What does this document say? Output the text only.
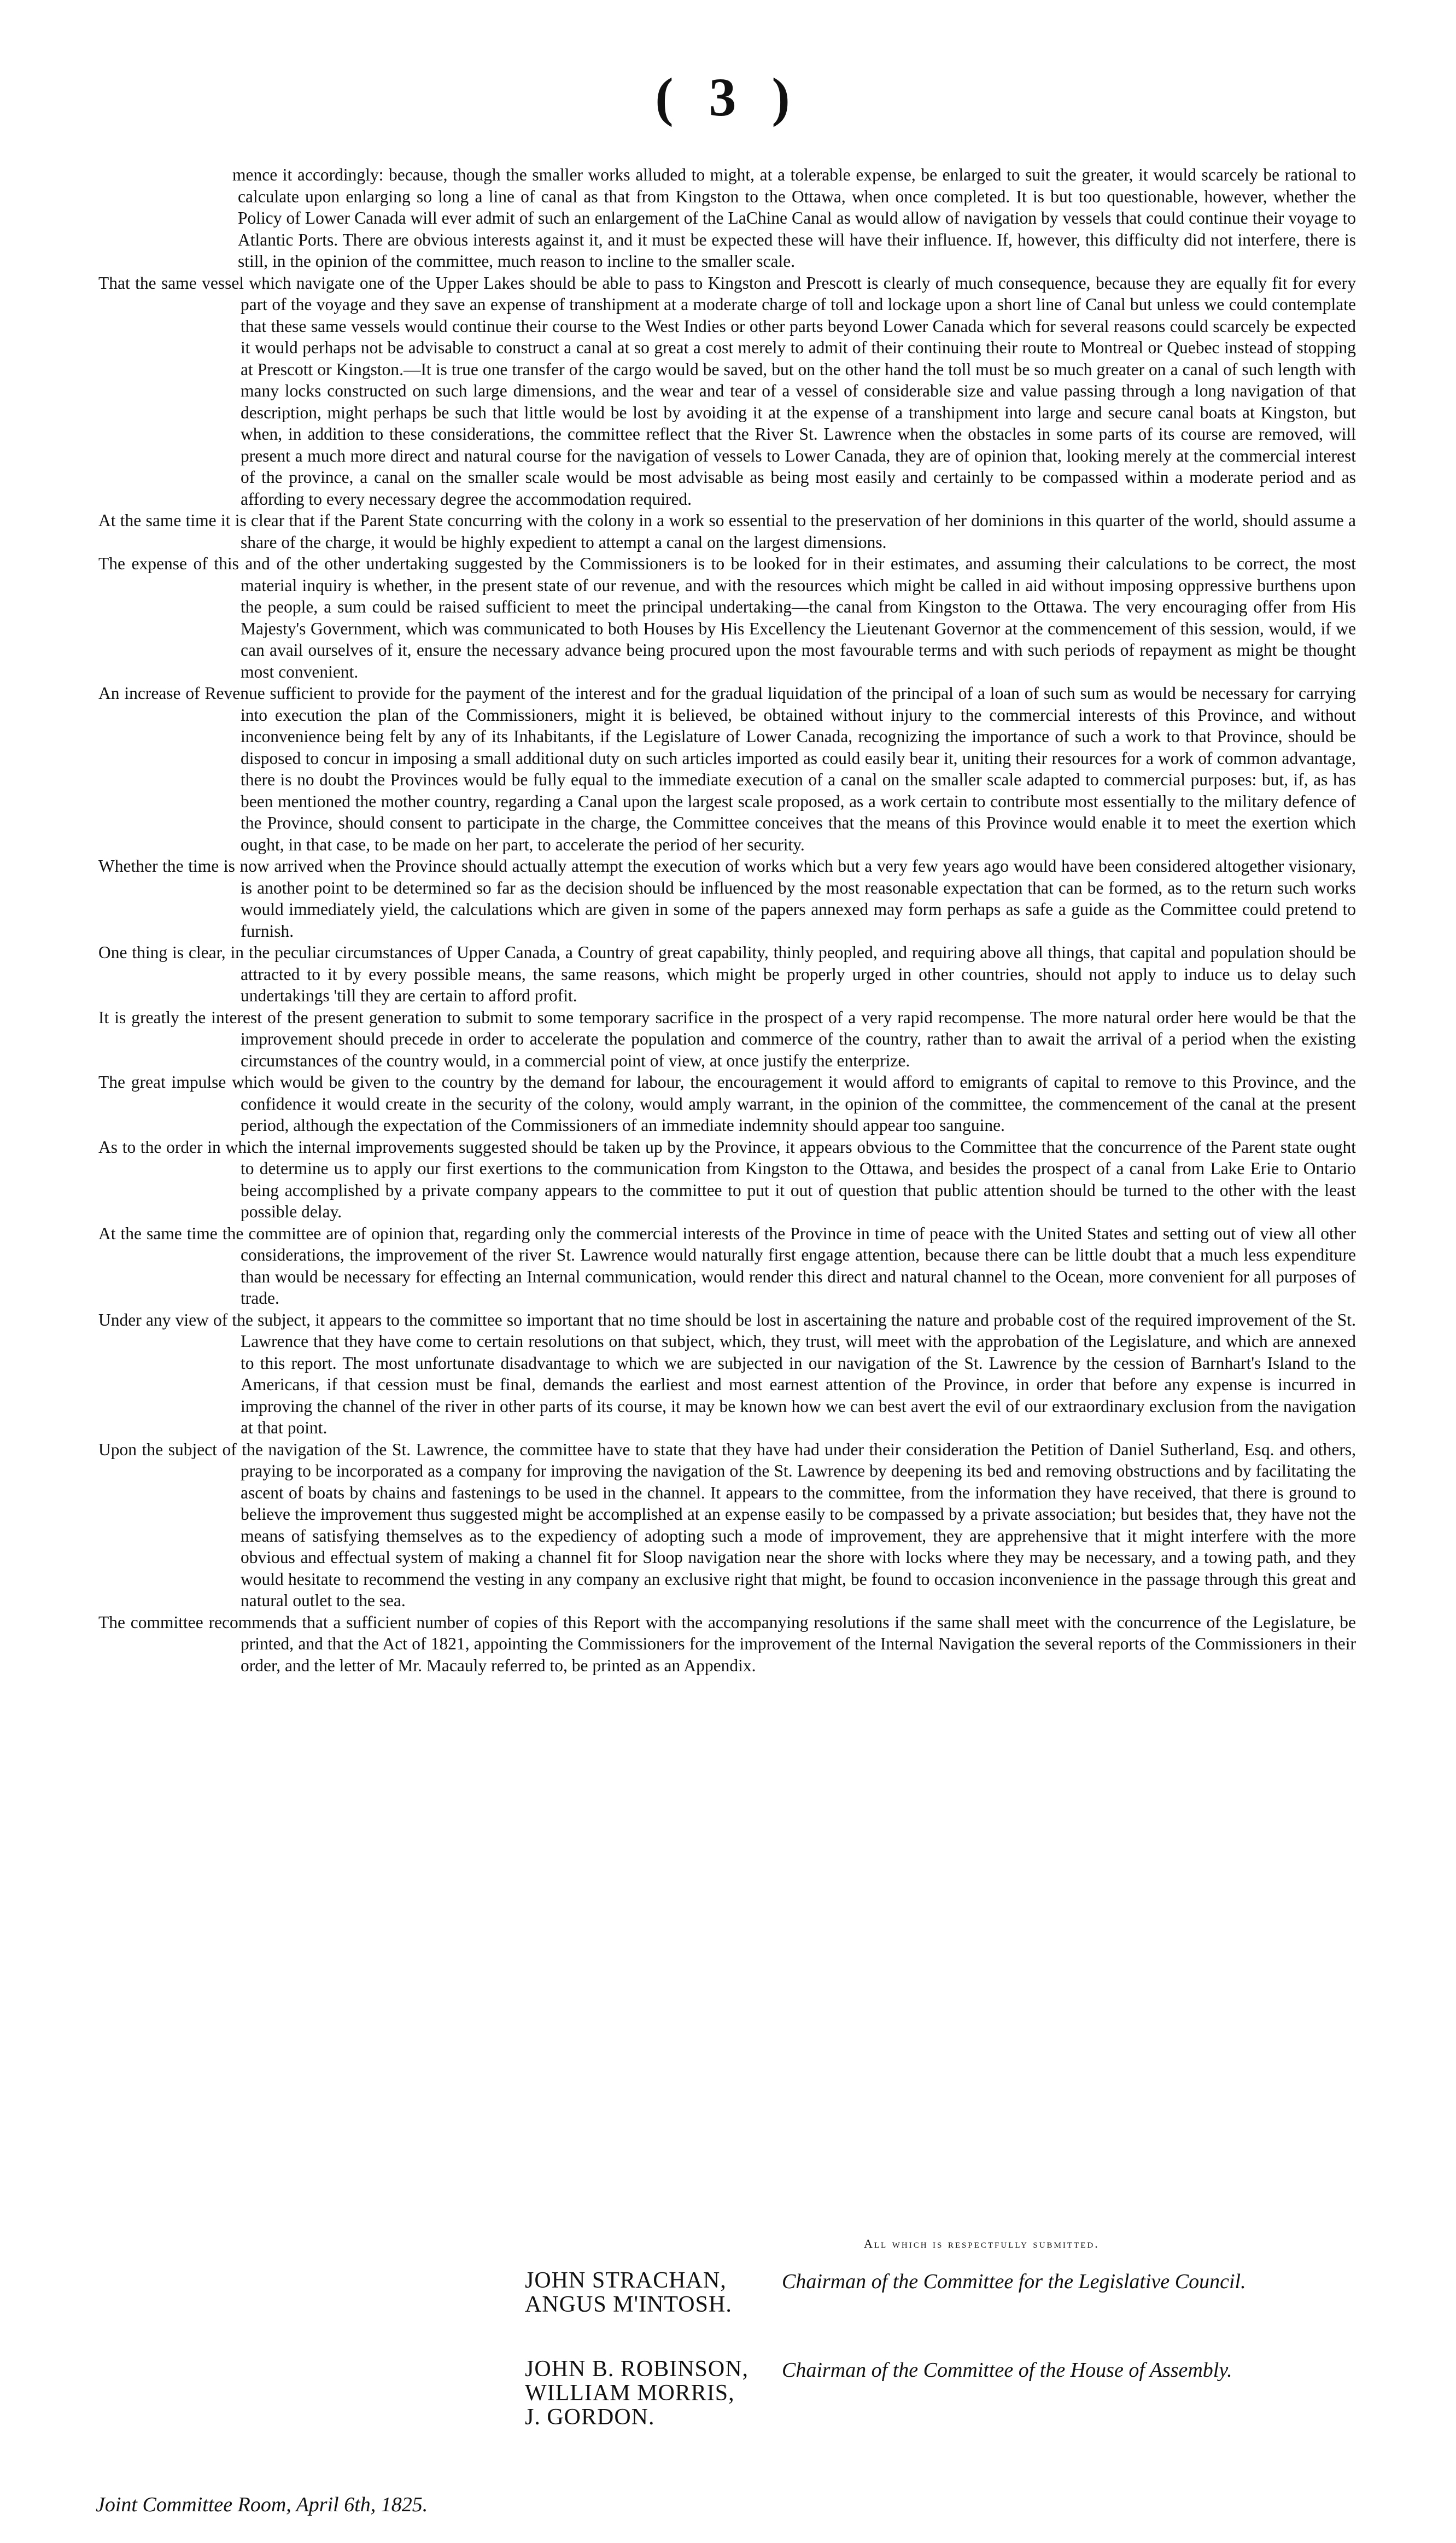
( 3 )

mence it accordingly: because, though the smaller works alluded to might, at a tolerable expense, be enlarged to suit the greater, it would scarcely be rational to calculate upon enlarging so long a line of canal as that from Kingston to the Ottawa, when once completed. It is but too questionable, however, whether the Policy of Lower Canada will ever admit of such an enlargement of the LaChine Canal as would allow of navigation by vessels that could continue their voyage to Atlantic Ports. There are obvious interests against it, and it must be expected these will have their influence. If, however, this difficulty did not interfere, there is still, in the opinion of the committee, much reason to incline to the smaller scale.

That the same vessel which navigate one of the Upper Lakes should be able to pass to Kingston and Prescott is clearly of much consequence, because they are equally fit for every part of the voyage and they save an expense of transhipment at a moderate charge of toll and lockage upon a short line of Canal but unless we could contemplate that these same vessels would continue their course to the West Indies or other parts beyond Lower Canada which for several reasons could scarcely be expected it would perhaps not be advisable to construct a canal at so great a cost merely to admit of their continuing their route to Montreal or Quebec instead of stopping at Prescott or Kingston.—It is true one transfer of the cargo would be saved, but on the other hand the toll must be so much greater on a canal of such length with many locks constructed on such large dimensions, and the wear and tear of a vessel of considerable size and value passing through a long navigation of that description, might perhaps be such that little would be lost by avoiding it at the expense of a transhipment into large and secure canal boats at Kingston, but when, in addition to these considerations, the committee reflect that the River St. Lawrence when the obstacles in some parts of its course are removed, will present a much more direct and natural course for the navigation of vessels to Lower Canada, they are of opinion that, looking merely at the commercial interest of the province, a canal on the smaller scale would be most advisable as being most easily and certainly to be compassed within a moderate period and as affording to every necessary degree the accommodation required.

At the same time it is clear that if the Parent State concurring with the colony in a work so essential to the preservation of her dominions in this quarter of the world, should assume a share of the charge, it would be highly expedient to attempt a canal on the largest dimensions.

The expense of this and of the other undertaking suggested by the Commissioners is to be looked for in their estimates, and assuming their calculations to be correct, the most material inquiry is whether, in the present state of our revenue, and with the resources which might be called in aid without imposing oppressive burthens upon the people, a sum could be raised sufficient to meet the principal undertaking—the canal from Kingston to the Ottawa. The very encouraging offer from His Majesty's Government, which was communicated to both Houses by His Excellency the Lieutenant Governor at the commencement of this session, would, if we can avail ourselves of it, ensure the necessary advance being procured upon the most favourable terms and with such periods of repayment as might be thought most convenient.

An increase of Revenue sufficient to provide for the payment of the interest and for the gradual liquidation of the principal of a loan of such sum as would be necessary for carrying into execution the plan of the Commissioners, might it is believed, be obtained without injury to the commercial interests of this Province, and without inconvenience being felt by any of its Inhabitants, if the Legislature of Lower Canada, recognizing the importance of such a work to that Province, should be disposed to concur in imposing a small additional duty on such articles imported as could easily bear it, uniting their resources for a work of common advantage, there is no doubt the Provinces would be fully equal to the immediate execution of a canal on the smaller scale adapted to commercial purposes: but, if, as has been mentioned the mother country, regarding a Canal upon the largest scale proposed, as a work certain to contribute most essentially to the military defence of the Province, should consent to participate in the charge, the Committee conceives that the means of this Province would enable it to meet the exertion which ought, in that case, to be made on her part, to accelerate the period of her security.

Whether the time is now arrived when the Province should actually attempt the execution of works which but a very few years ago would have been considered altogether visionary, is another point to be determined so far as the decision should be influenced by the most reasonable expectation that can be formed, as to the return such works would immediately yield, the calculations which are given in some of the papers annexed may form perhaps as safe a guide as the Committee could pretend to furnish.

One thing is clear, in the peculiar circumstances of Upper Canada, a Country of great capability, thinly peopled, and requiring above all things, that capital and population should be attracted to it by every possible means, the same reasons, which might be properly urged in other countries, should not apply to induce us to delay such undertakings 'till they are certain to afford profit.

It is greatly the interest of the present generation to submit to some temporary sacrifice in the prospect of a very rapid recompense. The more natural order here would be that the improvement should precede in order to accelerate the population and commerce of the country, rather than to await the arrival of a period when the existing circumstances of the country would, in a commercial point of view, at once justify the enterprize.

The great impulse which would be given to the country by the demand for labour, the encouragement it would afford to emigrants of capital to remove to this Province, and the confidence it would create in the security of the colony, would amply warrant, in the opinion of the committee, the commencement of the canal at the present period, although the expectation of the Commissioners of an immediate indemnity should appear too sanguine.

As to the order in which the internal improvements suggested should be taken up by the Province, it appears obvious to the Committee that the concurrence of the Parent state ought to determine us to apply our first exertions to the communication from Kingston to the Ottawa, and besides the prospect of a canal from Lake Erie to Ontario being accomplished by a private company appears to the committee to put it out of question that public attention should be turned to the other with the least possible delay.

At the same time the committee are of opinion that, regarding only the commercial interests of the Province in time of peace with the United States and setting out of view all other considerations, the improvement of the river St. Lawrence would naturally first engage attention, because there can be little doubt that a much less expenditure than would be necessary for effecting an Internal communication, would render this direct and natural channel to the Ocean, more convenient for all purposes of trade.

Under any view of the subject, it appears to the committee so important that no time should be lost in ascertaining the nature and probable cost of the required improvement of the St. Lawrence that they have come to certain resolutions on that subject, which, they trust, will meet with the approbation of the Legislature, and which are annexed to this report. The most unfortunate disadvantage to which we are subjected in our navigation of the St. Lawrence by the cession of Barnhart's Island to the Americans, if that cession must be final, demands the earliest and most earnest attention of the Province, in order that before any expense is incurred in improving the channel of the river in other parts of its course, it may be known how we can best avert the evil of our extraordinary exclusion from the navigation at that point.

Upon the subject of the navigation of the St. Lawrence, the committee have to state that they have had under their consideration the Petition of Daniel Sutherland, Esq. and others, praying to be incorporated as a company for improving the navigation of the St. Lawrence by deepening its bed and removing obstructions and by facilitating the ascent of boats by chains and fastenings to be used in the channel. It appears to the committee, from the information they have received, that there is ground to believe the improvement thus suggested might be accomplished at an expense easily to be compassed by a private association; but besides that, they have not the means of satisfying themselves as to the expediency of adopting such a mode of improvement, they are apprehensive that it might interfere with the more obvious and effectual system of making a channel fit for Sloop navigation near the shore with locks where they may be necessary, and a towing path, and they would hesitate to recommend the vesting in any company an exclusive right that might, be found to occasion inconvenience in the passage through this great and natural outlet to the sea.

The committee recommends that a sufficient number of copies of this Report with the accompanying resolutions if the same shall meet with the concurrence of the Legislature, be printed, and that the Act of 1821, appointing the Commissioners for the improvement of the Internal Navigation the several reports of the Commissioners in their order, and the letter of Mr. Macauly referred to, be printed as an Appendix.

All which is respectfully submitted.
JOHN STRACHAN,
ANGUS M'INTOSH.
Chairman of the Committee for the Legislative Council.
JOHN B. ROBINSON,
WILLIAM MORRIS,
J. GORDON.
Chairman of the Committee of the House of Assembly.
Joint Committee Room, April 6th, 1825.
